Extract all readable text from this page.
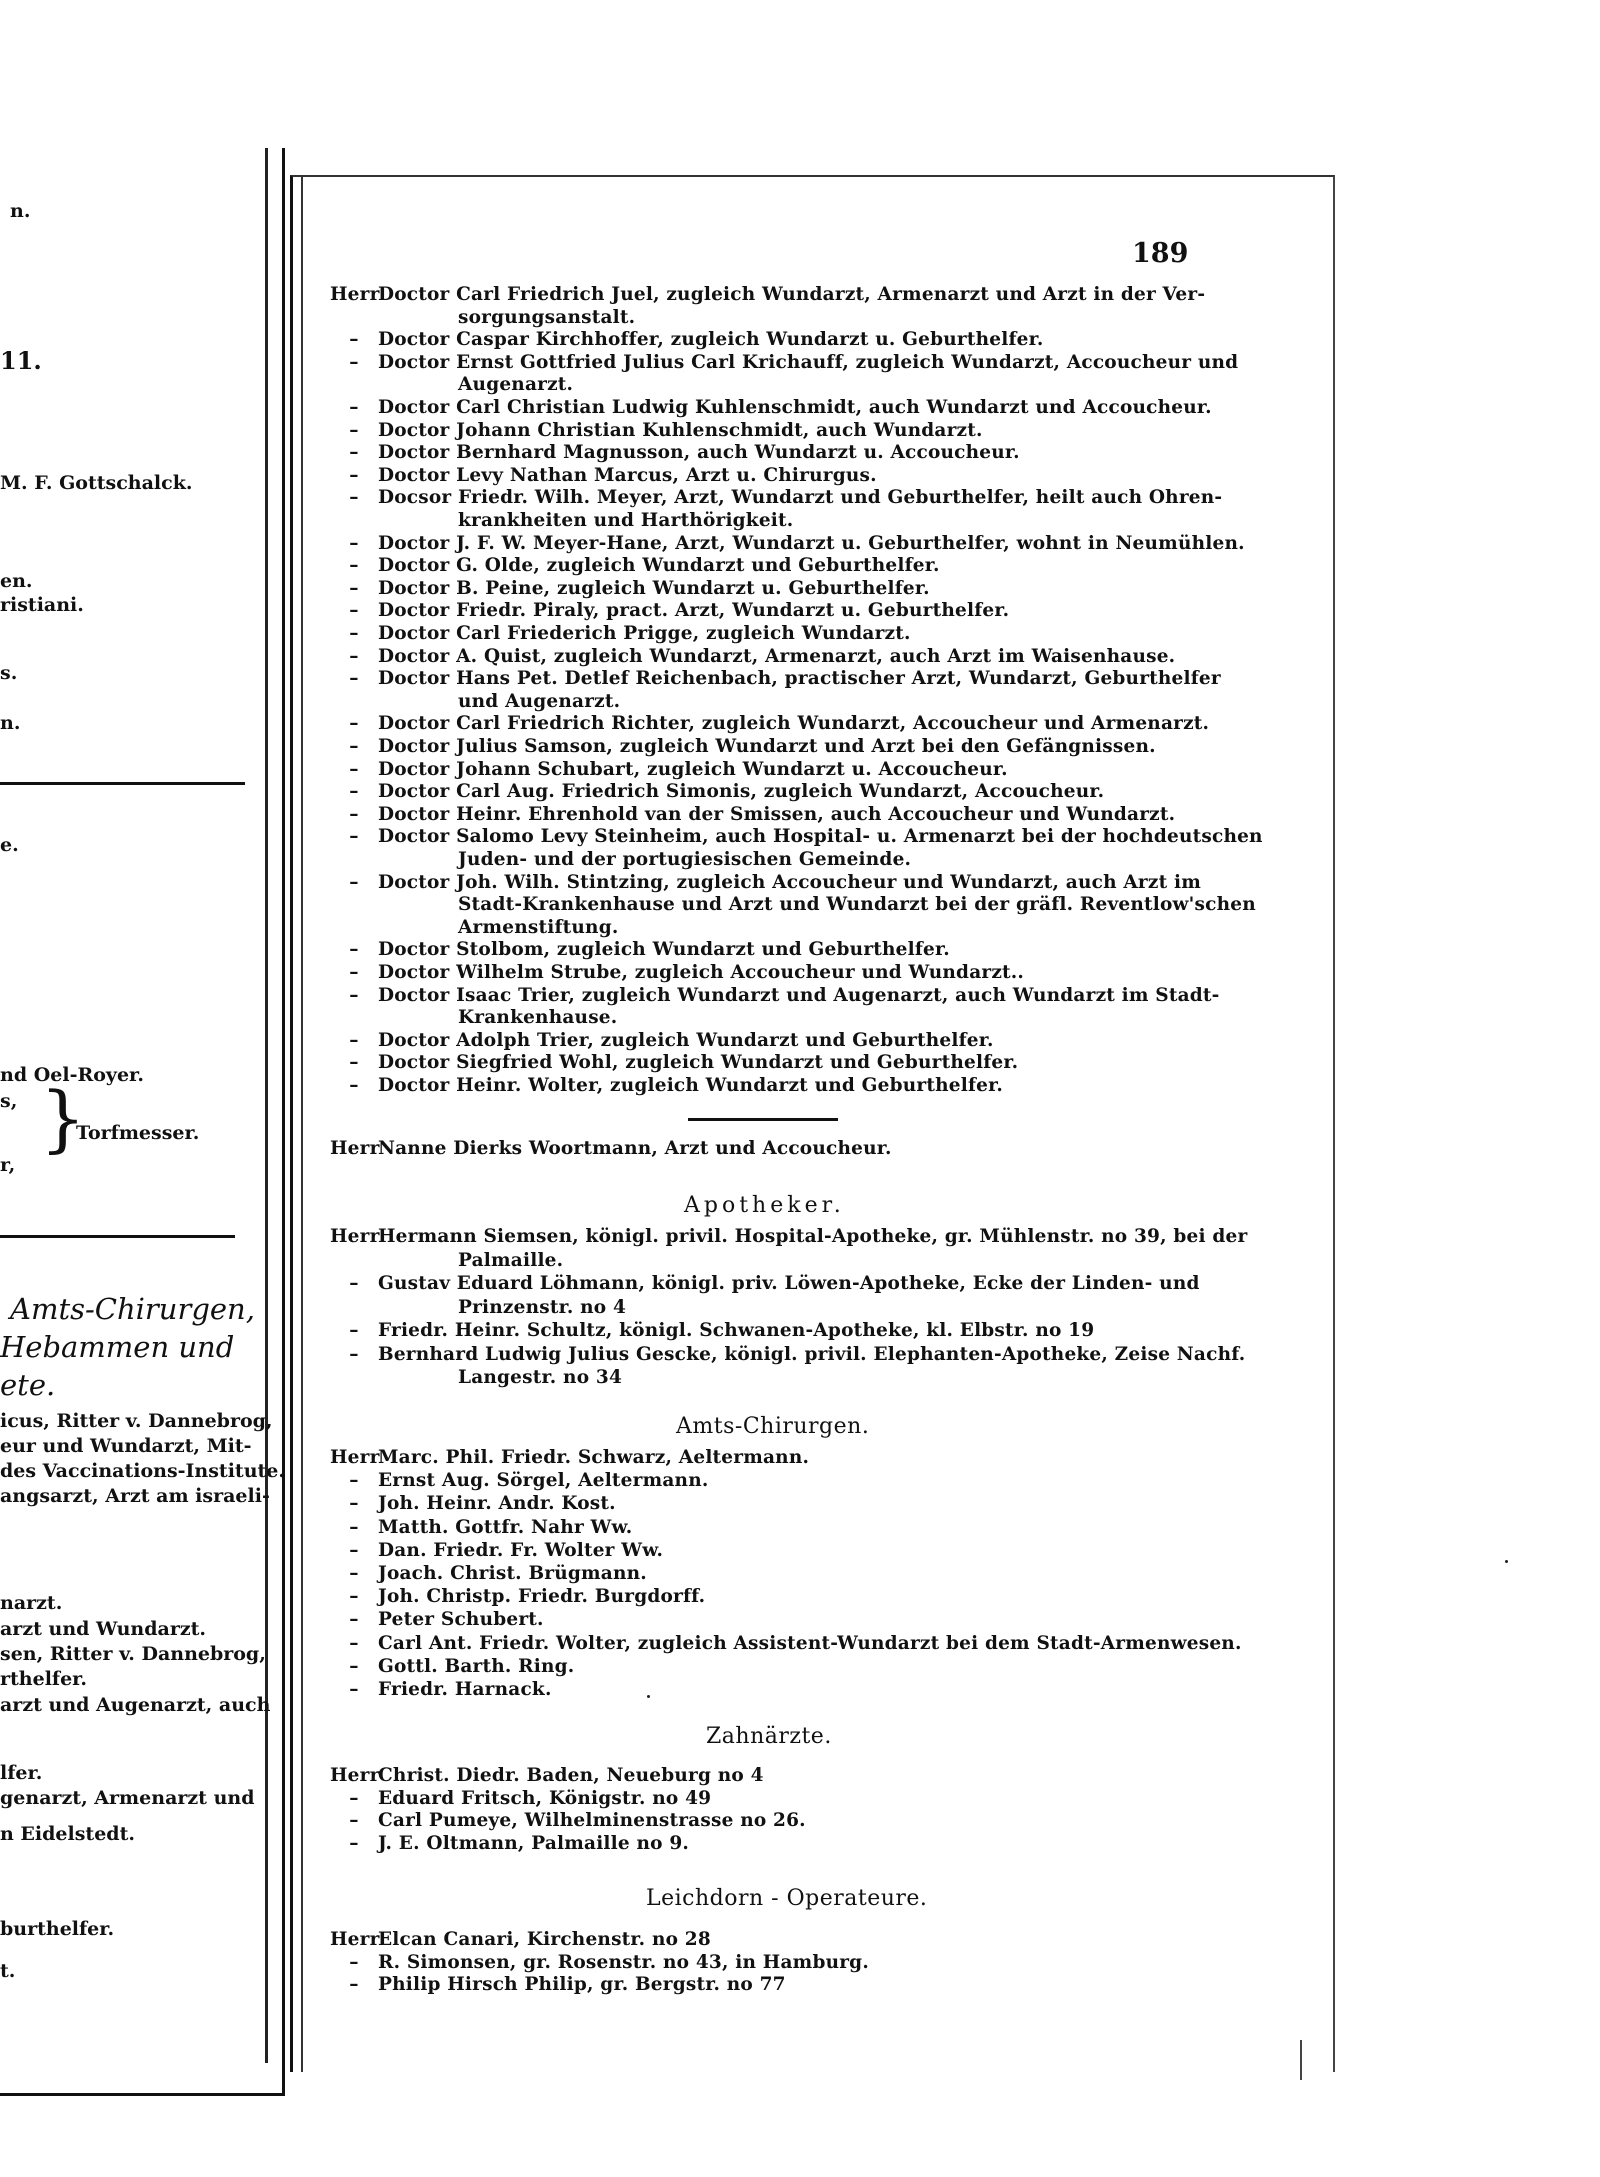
n.
11.
M. F. Gottschalck.
en.
ristiani.
s.
n.
e.
nd Oel-Royer.
s,
r,
}
Torfmesser.
Amts-Chirurgen,
Hebammen und
ete.
icus, Ritter v. Dannebrog,
eur und Wundarzt, Mit-
des Vaccinations-Institute.
angsarzt, Arzt am israeli-
narzt.
arzt und Wundarzt.
sen, Ritter v. Dannebrog,
rthelfer.
arzt und Augenarzt, auch
lfer.
genarzt, Armenarzt und
n Eidelstedt.
burthelfer.
t.
189
HerrDoctor Carl Friedrich Juel, zugleich Wundarzt, Armenarzt und Arzt in der Ver-
sorgungsanstalt.
– Doctor Caspar Kirchhoffer, zugleich Wundarzt u. Geburthelfer.
– Doctor Ernst Gottfried Julius Carl Krichauff, zugleich Wundarzt, Accoucheur und
Augenarzt.
– Doctor Carl Christian Ludwig Kuhlenschmidt, auch Wundarzt und Accoucheur.
– Doctor Johann Christian Kuhlenschmidt, auch Wundarzt.
– Doctor Bernhard Magnusson, auch Wundarzt u. Accoucheur.
– Doctor Levy Nathan Marcus, Arzt u. Chirurgus.
– Docsor Friedr. Wilh. Meyer, Arzt, Wundarzt und Geburthelfer, heilt auch Ohren-
krankheiten und Harthörigkeit.
– Doctor J. F. W. Meyer-Hane, Arzt, Wundarzt u. Geburthelfer, wohnt in Neumühlen.
– Doctor G. Olde, zugleich Wundarzt und Geburthelfer.
– Doctor B. Peine, zugleich Wundarzt u. Geburthelfer.
– Doctor Friedr. Piraly, pract. Arzt, Wundarzt u. Geburthelfer.
– Doctor Carl Friederich Prigge, zugleich Wundarzt.
– Doctor A. Quist, zugleich Wundarzt, Armenarzt, auch Arzt im Waisenhause.
– Doctor Hans Pet. Detlef Reichenbach, practischer Arzt, Wundarzt, Geburthelfer
und Augenarzt.
– Doctor Carl Friedrich Richter, zugleich Wundarzt, Accoucheur und Armenarzt.
– Doctor Julius Samson, zugleich Wundarzt und Arzt bei den Gefängnissen.
– Doctor Johann Schubart, zugleich Wundarzt u. Accoucheur.
– Doctor Carl Aug. Friedrich Simonis, zugleich Wundarzt, Accoucheur.
– Doctor Heinr. Ehrenhold van der Smissen, auch Accoucheur und Wundarzt.
– Doctor Salomo Levy Steinheim, auch Hospital- u. Armenarzt bei der hochdeutschen
Juden- und der portugiesischen Gemeinde.
– Doctor Joh. Wilh. Stintzing, zugleich Accoucheur und Wundarzt, auch Arzt im
Stadt-Krankenhause und Arzt und Wundarzt bei der gräfl. Reventlow'schen
Armenstiftung.
– Doctor Stolbom, zugleich Wundarzt und Geburthelfer.
– Doctor Wilhelm Strube, zugleich Accoucheur und Wundarzt..
– Doctor Isaac Trier, zugleich Wundarzt und Augenarzt, auch Wundarzt im Stadt-
Krankenhause.
– Doctor Adolph Trier, zugleich Wundarzt und Geburthelfer.
– Doctor Siegfried Wohl, zugleich Wundarzt und Geburthelfer.
– Doctor Heinr. Wolter, zugleich Wundarzt und Geburthelfer.
HerrNanne Dierks Woortmann, Arzt und Accoucheur.
Apotheker.
HerrHermann Siemsen, königl. privil. Hospital-Apotheke, gr. Mühlenstr. no 39, bei der
Palmaille.
– Gustav Eduard Löhmann, königl. priv. Löwen-Apotheke, Ecke der Linden- und
Prinzenstr. no 4
– Friedr. Heinr. Schultz, königl. Schwanen-Apotheke, kl. Elbstr. no 19
– Bernhard Ludwig Julius Gescke, königl. privil. Elephanten-Apotheke, Zeise Nachf.
Langestr. no 34
Amts-Chirurgen.
HerrMarc. Phil. Friedr. Schwarz, Aeltermann.
– Ernst Aug. Sörgel, Aeltermann.
– Joh. Heinr. Andr. Kost.
– Matth. Gottfr. Nahr Ww.
– Dan. Friedr. Fr. Wolter Ww.
– Joach. Christ. Brügmann.
– Joh. Christp. Friedr. Burgdorff.
– Peter Schubert.
– Carl Ant. Friedr. Wolter, zugleich Assistent-Wundarzt bei dem Stadt-Armenwesen.
– Gottl. Barth. Ring.
– Friedr. Harnack.
Zahnärzte.
HerrChrist. Diedr. Baden, Neueburg no 4
– Eduard Fritsch, Königstr. no 49
– Carl Pumeye, Wilhelminenstrasse no 26.
– J. E. Oltmann, Palmaille no 9.
Leichdorn - Operateure.
HerrElcan Canari, Kirchenstr. no 28
– R. Simonsen, gr. Rosenstr. no 43, in Hamburg.
– Philip Hirsch Philip, gr. Bergstr. no 77
